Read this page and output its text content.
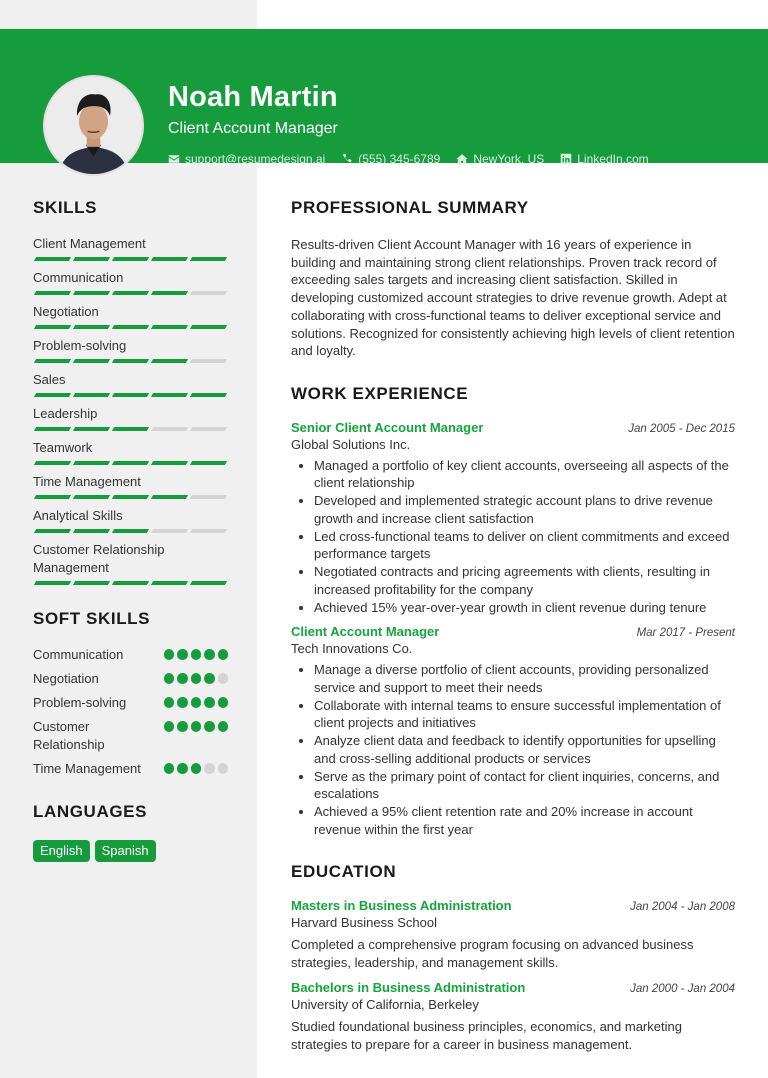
Noah Martin
Client Account Manager
support@resumedesign.ai	(555) 345-6789	NewYork, US	LinkedIn.com
SKILLS
Client Management
Communication
Negotiation
Problem-solving
Sales
Leadership
Teamwork
Time Management
Analytical Skills
Customer Relationship Management
SOFT SKILLS
Communication
Negotiation
Problem-solving
Customer Relationship
Time Management
LANGUAGES
English	Spanish
PROFESSIONAL SUMMARY

Results-driven Client Account Manager with 16 years of experience in building and maintaining strong client relationships. Proven track record of exceeding sales targets and increasing client satisfaction. Skilled in developing customized account strategies to drive revenue growth. Adept at collaborating with cross-functional teams to deliver exceptional service and solutions. Recognized for consistently achieving high levels of client retention and loyalty.

WORK EXPERIENCE
Senior Client Account Manager	Jan 2005 - Dec 2015
Global Solutions Inc.
• Managed a portfolio of key client accounts, overseeing all aspects of the client relationship
• Developed and implemented strategic account plans to drive revenue growth and increase client satisfaction
• Led cross-functional teams to deliver on client commitments and exceed performance targets
• Negotiated contracts and pricing agreements with clients, resulting in increased profitability for the company
• Achieved 15% year-over-year growth in client revenue during tenure
Client Account Manager	Mar 2017 - Present
Tech Innovations Co.
• Manage a diverse portfolio of client accounts, providing personalized service and support to meet their needs
• Collaborate with internal teams to ensure successful implementation of client projects and initiatives
• Analyze client data and feedback to identify opportunities for upselling and cross-selling additional products or services
• Serve as the primary point of contact for client inquiries, concerns, and escalations
• Achieved a 95% client retention rate and 20% increase in account revenue within the first year
EDUCATION
Masters in Business Administration	Jan 2004 - Jan 2008
Harvard Business School

Completed a comprehensive program focusing on advanced business strategies, leadership, and management skills.

Bachelors in Business Administration	Jan 2000 - Jan 2004
University of California, Berkeley

Studied foundational business principles, economics, and marketing strategies to prepare for a career in business management.
